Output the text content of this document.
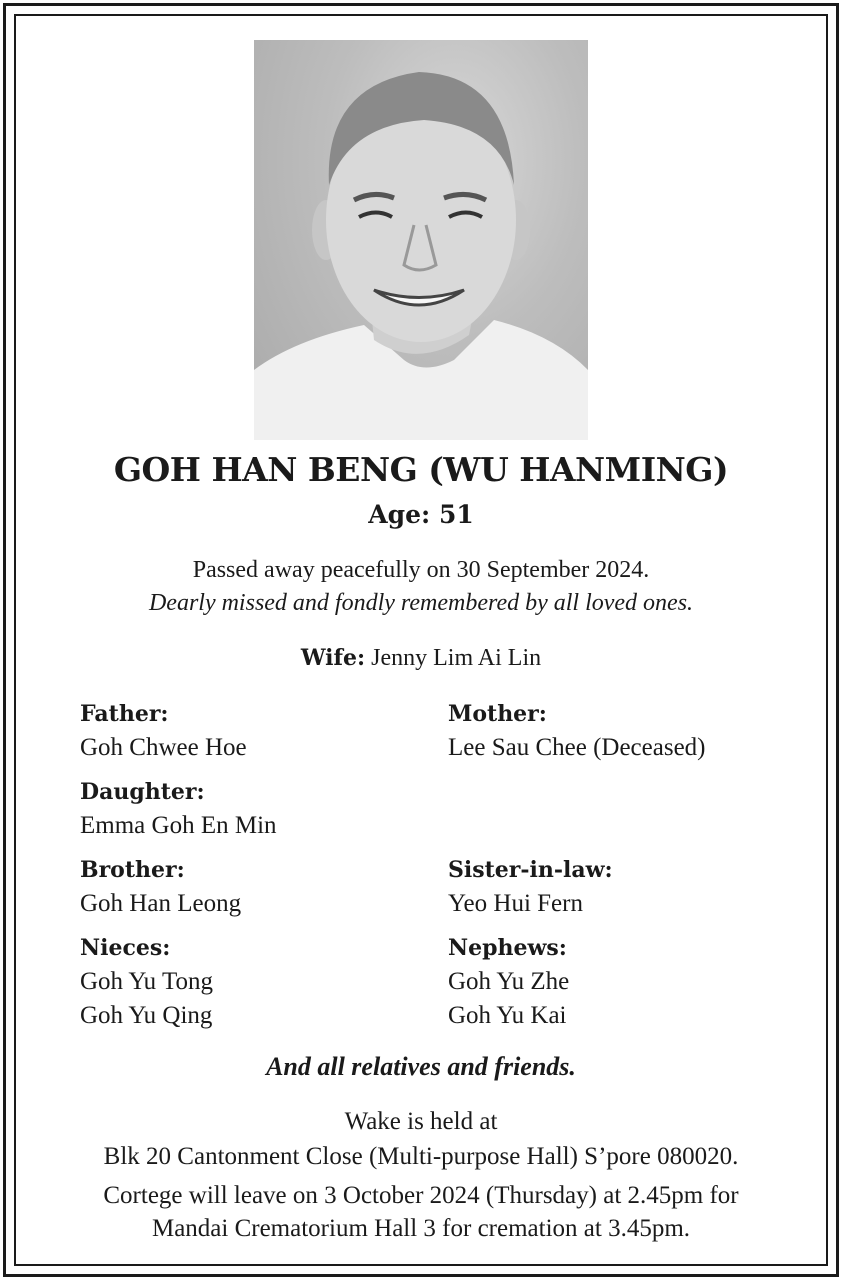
GOH HAN BENG (WU HANMING)
Age: 51
Passed away peacefully on 30 September 2024.
Dearly missed and fondly remembered by all loved ones.
Wife: Jenny Lim Ai Lin
Father:
Goh Chwee Hoe
Mother:
Lee Sau Chee (Deceased)
Daughter:
Emma Goh En Min
Brother:
Goh Han Leong
Sister-in-law:
Yeo Hui Fern
Nieces:
Goh Yu Tong
Goh Yu Qing
Nephews:
Goh Yu Zhe
Goh Yu Kai
And all relatives and friends.
Wake is held at
Blk 20 Cantonment Close (Multi-purpose Hall) S’pore 080020.
Cortege will leave on 3 October 2024 (Thursday) at 2.45pm for
Mandai Crematorium Hall 3 for cremation at 3.45pm.
